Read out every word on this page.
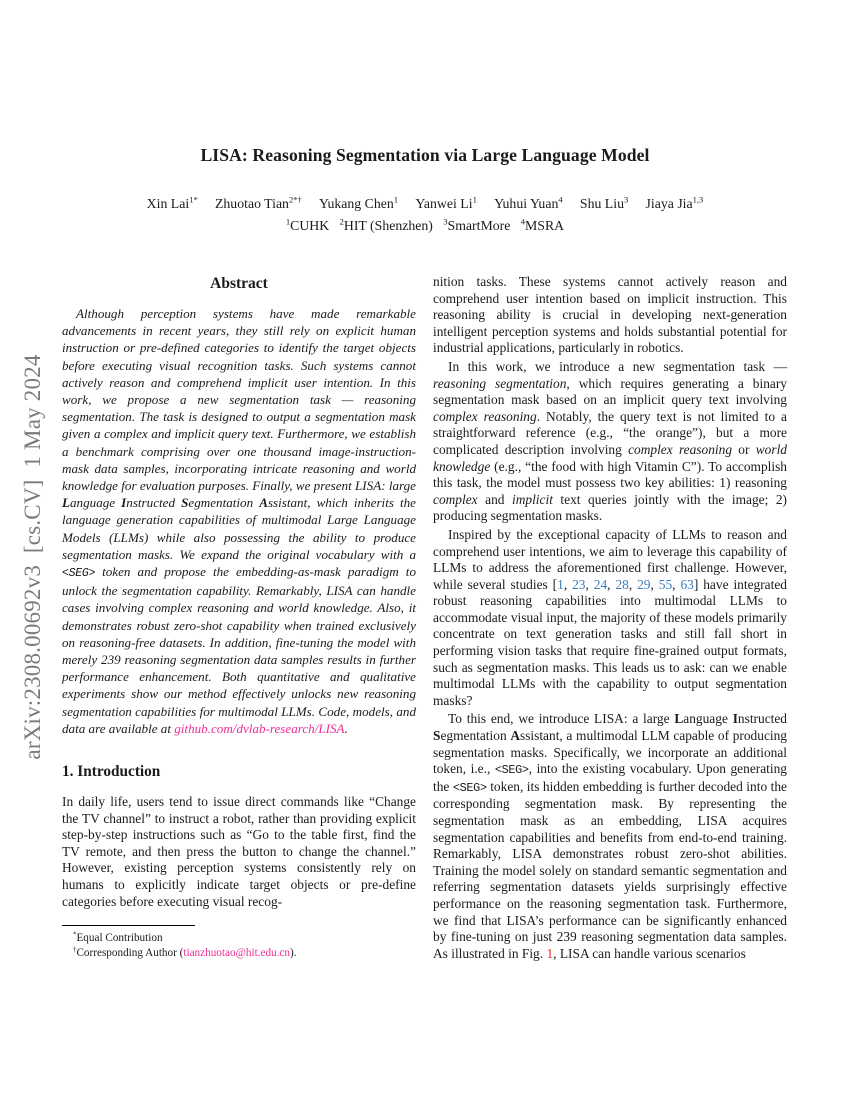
arXiv:2308.00692v3  [cs.CV]  1 May 2024
LISA: Reasoning Segmentation via Large Language Model
Xin Lai$^{1*}$ Zhuotao Tian$^{2*\dagger}$ Yukang Chen$^1$ Yanwei Li$^1$ Yuhui Yuan$^4$ Shu Liu$^3$ Jiaya Jia$^{1,3}$
$^1$CUHK $^2$HIT (Shenzhen) $^3$SmartMore $^4$MSRA
Abstract

Although perception systems have made remarkable advancements in recent years, they still rely on explicit human instruction or pre-defined categories to identify the target objects before executing visual recognition tasks. Such systems cannot actively reason and comprehend implicit user intention. In this work, we propose a new segmentation task — reasoning segmentation. The task is designed to output a segmentation mask given a complex and implicit query text. Furthermore, we establish a benchmark comprising over one thousand image-instruction-mask data samples, incorporating intricate reasoning and world knowledge for evaluation purposes. Finally, we present LISA: large Language Instructed Segmentation Assistant, which inherits the language generation capabilities of multimodal Large Language Models (LLMs) while also possessing the ability to produce segmentation masks. We expand the original vocabulary with a <SEG> token and propose the embedding-as-mask paradigm to unlock the segmentation capability. Remarkably, LISA can handle cases involving complex reasoning and world knowledge. Also, it demonstrates robust zero-shot capability when trained exclusively on reasoning-free datasets. In addition, fine-tuning the model with merely 239 reasoning segmentation data samples results in further performance enhancement. Both quantitative and qualitative experiments show our method effectively unlocks new reasoning segmentation capabilities for multimodal LLMs. Code, models, and data are available at github.com/dvlab-research/LISA.

1. Introduction

In daily life, users tend to issue direct commands like “Change the TV channel” to instruct a robot, rather than providing explicit step-by-step instructions such as “Go to the table first, find the TV remote, and then press the button to change the channel.” However, existing perception systems consistently rely on humans to explicitly indicate target objects or pre-define categories before executing visual recog-

*Equal Contribution
†Corresponding Author (tianzhuotao@hit.edu.cn).

nition tasks. These systems cannot actively reason and comprehend user intention based on implicit instruction. This reasoning ability is crucial in developing next-generation intelligent perception systems and holds substantial potential for industrial applications, particularly in robotics.

In this work, we introduce a new segmentation task — reasoning segmentation, which requires generating a binary segmentation mask based on an implicit query text involving complex reasoning. Notably, the query text is not limited to a straightforward reference (e.g., “the orange”), but a more complicated description involving complex reasoning or world knowledge (e.g., “the food with high Vitamin C”). To accomplish this task, the model must possess two key abilities: 1) reasoning complex and implicit text queries jointly with the image; 2) producing segmentation masks.

Inspired by the exceptional capacity of LLMs to reason and comprehend user intentions, we aim to leverage this capability of LLMs to address the aforementioned first challenge. However, while several studies [1, 23, 24, 28, 29, 55, 63] have integrated robust reasoning capabilities into multimodal LLMs to accommodate visual input, the majority of these models primarily concentrate on text generation tasks and still fall short in performing vision tasks that require fine-grained output formats, such as segmentation masks. This leads us to ask: can we enable multimodal LLMs with the capability to output segmentation masks?

To this end, we introduce LISA: a large Language Instructed Segmentation Assistant, a multimodal LLM capable of producing segmentation masks. Specifically, we incorporate an additional token, i.e., <SEG>, into the existing vocabulary. Upon generating the <SEG> token, its hidden embedding is further decoded into the corresponding segmentation mask. By representing the segmentation mask as an embedding, LISA acquires segmentation capabilities and benefits from end-to-end training. Remarkably, LISA demonstrates robust zero-shot abilities. Training the model solely on standard semantic segmentation and referring segmentation datasets yields surprisingly effective performance on the reasoning segmentation task. Furthermore, we find that LISA’s performance can be significantly enhanced by fine-tuning on just 239 reasoning segmentation data samples. As illustrated in Fig. 1, LISA can handle various scenarios
